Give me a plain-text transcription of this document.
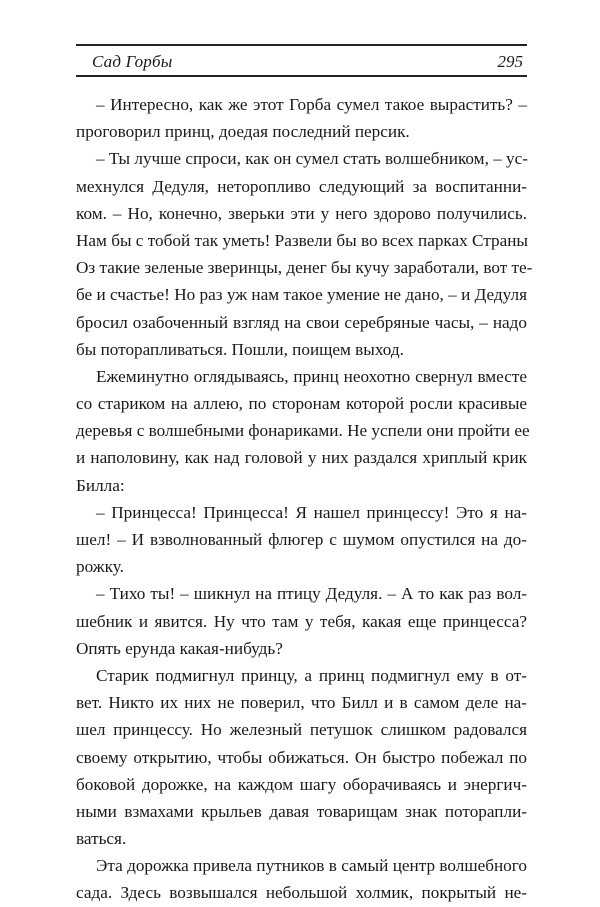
Сад Горбы	295
– Интересно, как же этот Горба сумел такое вырастить? –
проговорил принц, доедая последний персик.
– Ты лучше спроси, как он сумел стать волшебником, – ус-
мехнулся Дедуля, неторопливо следующий за воспитанни-
ком. – Но, конечно, зверьки эти у него здорово получились.
Нам бы с тобой так уметь! Развели бы во всех парках Страны
Оз такие зеленые зверинцы, денег бы кучу заработали, вот те-
бе и счастье! Но раз уж нам такое умение не дано, – и Дедуля
бросил озабоченный взгляд на свои серебряные часы, – надо
бы поторапливаться. Пошли, поищем выход.
Ежеминутно оглядываясь, принц неохотно свернул вместе
со стариком на аллею, по сторонам которой росли красивые
деревья с волшебными фонариками. Не успели они пройти ее
и наполовину, как над головой у них раздался хриплый крик
Билла:
– Принцесса! Принцесса! Я нашел принцессу! Это я на-
шел! – И взволнованный флюгер с шумом опустился на до-
рожку.
– Тихо ты! – шикнул на птицу Дедуля. – А то как раз вол-
шебник и явится. Ну что там у тебя, какая еще принцесса?
Опять ерунда какая-нибудь?
Старик подмигнул принцу, а принц подмигнул ему в от-
вет. Никто их них не поверил, что Билл и в самом деле на-
шел принцессу. Но железный петушок слишком радовался
своему открытию, чтобы обижаться. Он быстро побежал по
боковой дорожке, на каждом шагу оборачиваясь и энергич-
ными взмахами крыльев давая товарищам знак поторапли-
ваться.
Эта дорожка привела путников в самый центр волшебного
сада. Здесь возвышался небольшой холмик, покрытый не-
